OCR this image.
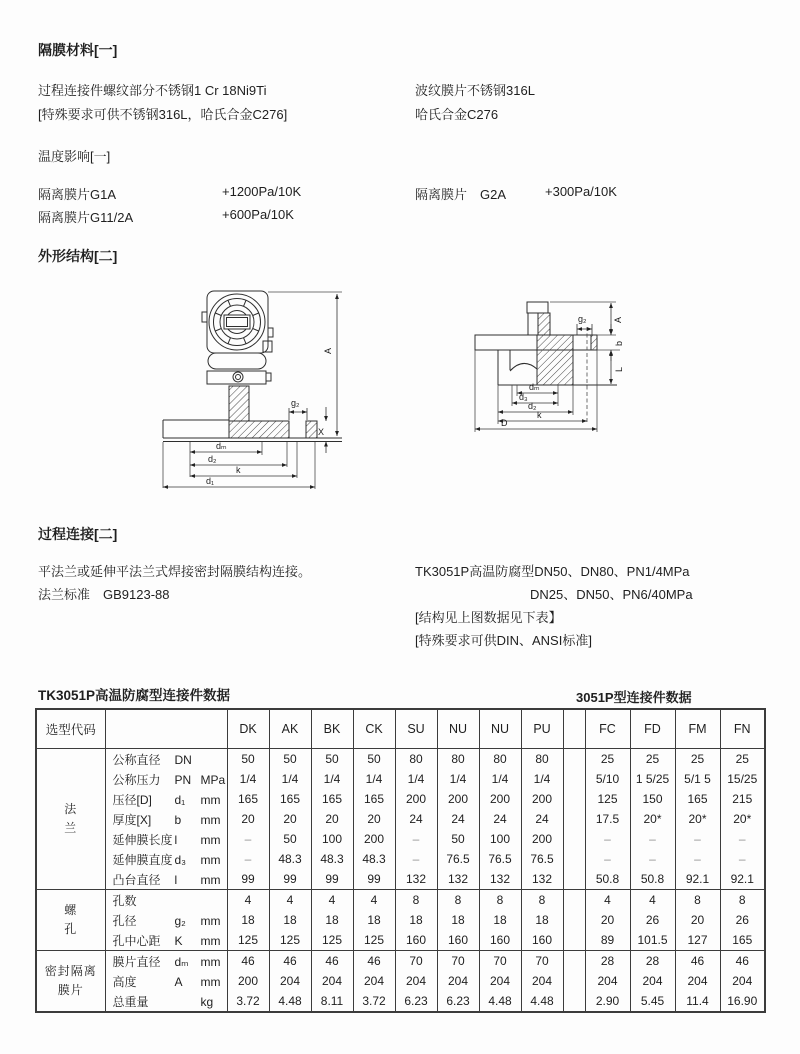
隔膜材料[一]
过程连接件螺纹部分不锈钢1 Cr 18Ni9Ti
[特殊要求可供不锈钢316L，哈氏合金C276]
波纹膜片不锈钢316L
哈氏合金C276
温度影响[一]
隔离膜片G1A	+1200Pa/10K
隔离膜片G11/2A	+600Pa/10K
隔离膜片　G2A	+300Pa/10K
外形结构[二]
A
g₂
X
dₘ
d₂
k
d₁
g₂	A
b
L
dₘ
d₃
d₂
k
D
过程连接[二]
平法兰或延伸平法兰式焊接密封隔膜结构连接。
法兰标准　GB9123-88
TK3051P高温防腐型DN50、DN80、PN1/4MPa
DN25、DN50、PN6/40MPa
[结构见上图数据见下表】
[特殊要求可供DIN、ANSI标准]
TK3051P高温防腐型连接件数据	3051P型连接件数据
选型代码		DK	AK	BK	CK	SU	NU	NU	PU		FC	FD	FM	FN

法
兰	公称直径 DN	50	50	50	50	80	80	80	80		25	25	25	25
	公称压力 PN MPa	1/4	1/4	1/4	1/4	1/4	1/4	1/4	1/4		5/10	1 5/25	5/1 5	15/25
	压径[D] d₁ mm	165	165	165	165	200	200	200	200		125	150	165	215
	厚度[X] b mm	20	20	20	20	24	24	24	24		17.5	20*	20*	20*
	延伸膜长度 l mm	–	50	100	200	–	50	100	200		–	–	–	–
	延伸膜直度 d₃ mm	–	48.3	48.3	48.3	–	76.5	76.5	76.5		–	–	–	–
	凸台直径 l mm	99	99	99	99	132	132	132	132		50.8	50.8	92.1	92.1

螺
孔	孔数	4	4	4	4	8	8	8	8		4	4	8	8
	孔径 g₂ mm	18	18	18	18	18	18	18	18		20	26	20	26
	孔中心距 K mm	125	125	125	125	160	160	160	160		89	101.5	127	165

密封隔离
膜片	膜片直径 dₘ mm	46	46	46	46	70	70	70	70		28	28	46	46
	高度 A mm	200	204	204	204	204	204	204	204		204	204	204	204
	总重量 kg	3.72	4.48	8.11	3.72	6.23	6.23	4.48	4.48		2.90	5.45	11.4	16.90
